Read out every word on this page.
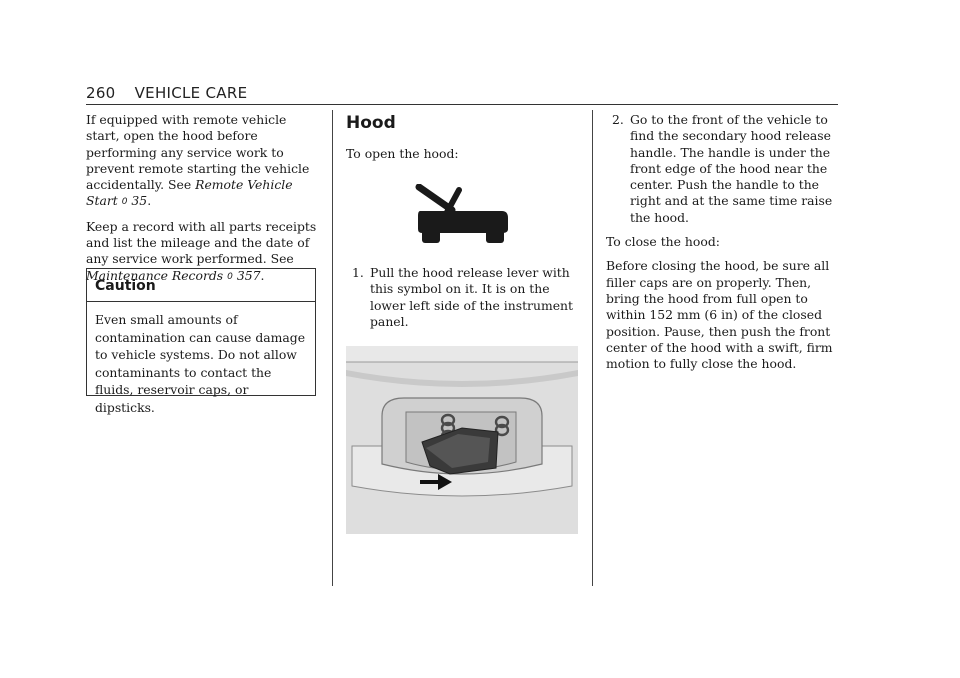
260 VEHICLE CARE

If equipped with remote vehicle start, open the hood before performing any service work to prevent remote starting the vehicle accidentally. See Remote Vehicle Start 0 35.

Keep a record with all parts receipts and list the mileage and the date of any service work performed. See Maintenance Records 0 357.

Caution
Even small amounts of contamination can cause damage to vehicle systems. Do not allow contaminants to contact the fluids, reservoir caps, or dipsticks.
Hood

To open the hood:

1. Pull the hood release lever with this symbol on it. It is on the lower left side of the instrument panel.
2. Go to the front of the vehicle to find the secondary hood release handle. The handle is under the front edge of the hood near the center. Push the handle to the right and at the same time raise the hood.

To close the hood:

Before closing the hood, be sure all filler caps are on properly. Then, bring the hood from full open to within 152 mm (6 in) of the closed position. Pause, then push the front center of the hood with a swift, firm motion to fully close the hood.
